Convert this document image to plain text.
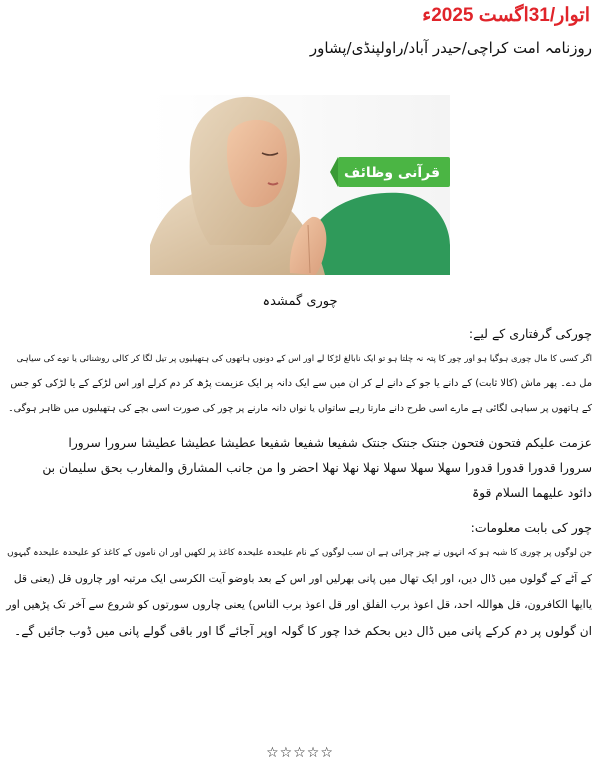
اتوار/31اگست 2025ء
روزنامہ امت کراچی/حیدر آباد/راولپنڈی/پشاور
قرآنی وظائف
چوری گمشدہ
چورکی گرفتاری کے لیے:
اگر کسی کا مال چوری ہوگیا ہو اور چور کا پتہ نہ چلتا ہو تو ایک نابالغ لڑکا لے اور اس کے دونوں ہاتھوں کی ہتھیلیوں پر تیل لگا کر کالی روشنائی یا توے کی سیاہی
مل دے۔ پھر ماش (کالا ثابت) کے دانے یا جو کے دانے لے کر ان میں سے ایک دانہ پر ایک عزیمت پڑھ کر دم کرلے اور اس لڑکے کے یا لڑکی کو جس
کے ہاتھوں پر سیاہی لگائی ہے مارے اسی طرح دانے مارتا رہے ساتواں یا نواں دانہ مارنے پر چور کی صورت اسی بچے کی ہتھیلیوں میں ظاہر ہوگی۔
عزمت علیکم فتحون فتحون جنتک جنتک جنتک شفیعا شفیعا شفیعا عطیشا عطیشا عطیشا سرورا سرورا
سرورا قدورا قدورا قدورا سھلا سھلا سھلا نھلا نھلا نھلا احضر وا من جانب المشارق والمغارب بحق سلیمان بن
دائود علیھما السلام قوۃ
چور کی بابت معلومات:
جن لوگوں پر چوری کا شبہ ہو کہ انہوں نے چیز چرائی ہے ان سب لوگوں کے نام علیحدہ علیحدہ کاغذ پر لکھیں اور ان ناموں کے کاغذ کو علیحدہ علیحدہ گیہوں
کے آٹے کے گولوں میں ڈال دیں، اور ایک تھال میں پانی بھرلیں اور اس کے بعد باوضو آیت الکرسی ایک مرتبہ اور چاروں قل (یعنی قل
یاایھا الکافرون، قل ھواللہ احد، قل اعوذ برب الفلق اور قل اعوذ برب الناس) یعنی چاروں سورتوں کو شروع سے آخر تک پڑھیں اور
ان گولوں پر دم کرکے پانی میں ڈال دیں بحکم خدا چور کا گولہ اوپر آجائے گا اور باقی گولے پانی میں ڈوب جائیں گے۔
☆☆☆☆☆
